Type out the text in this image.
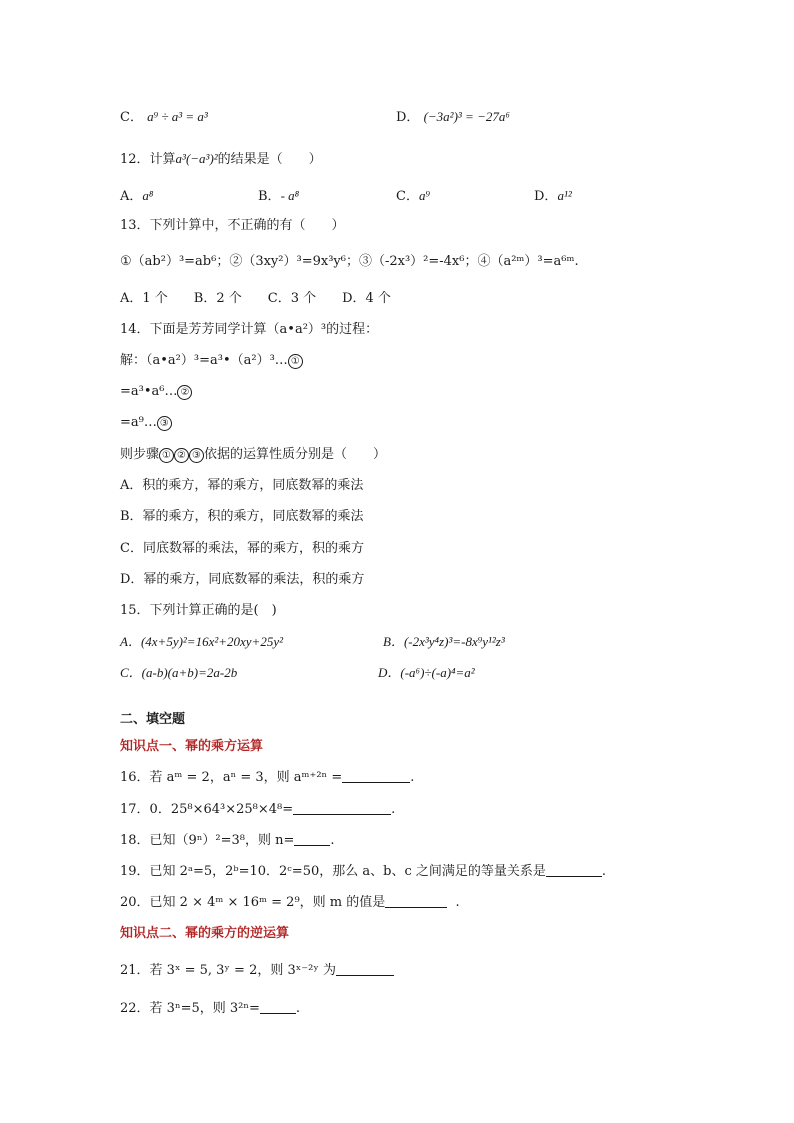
C． a⁹ ÷ a³ = a³	D． (−3a²)³ = −27a⁶
12．计算a³(−a³)²的结果是（　　）
A．a⁸	B．- a⁸	C．a⁹	D．a¹²
13．下列计算中，不正确的有（　　）
①（ab²）³=ab⁶；②（3xy²）³=9x³y⁶；③（-2x³）²=-4x⁶；④（a²ᵐ）³=a⁶ᵐ.
A．1 个　　B．2 个　　C．3 个　　D．4 个
14．下面是芳芳同学计算（a•a²）³的过程：
解：（a•a²）³=a³•（a²）³… ①
=a³•a⁶… ②
=a⁹… ③
则步骤 ① ② ③ 依据的运算性质分别是（　　）
A．积的乘方，幂的乘方，同底数幂的乘法
B．幂的乘方，积的乘方，同底数幂的乘法
C．同底数幂的乘法，幂的乘方，积的乘方
D．幂的乘方，同底数幂的乘法，积的乘方
15．下列计算正确的是(　)
A．(4x+5y)²=16x²+20xy+25y²	B．(-2x³y⁴z)³=-8x⁹y¹²z³
C．(a-b)(a+b)=2a-2b	D．(-a⁶)÷(-a)⁴=a²
二、填空题
知识点一、幂的乘方运算
16．若 aᵐ = 2，aⁿ = 3，则 aᵐ⁺²ⁿ =	.
17．0．25⁸×64³×25⁸×4⁸=	.
18．已知（9ⁿ）²=3⁸，则 n=	.
19．已知 2ᵃ=5，2ᵇ=10．2ᶜ=50，那么 a、b、c 之间满足的等量关系是	.
20．已知 2 × 4ᵐ × 16ᵐ = 2⁹，则 m 的值是	.
知识点二、幂的乘方的逆运算
21．若 3ˣ = 5, 3ʸ = 2，则 3ˣ⁻²ʸ 为
22．若 3ⁿ=5，则 3²ⁿ=	.
